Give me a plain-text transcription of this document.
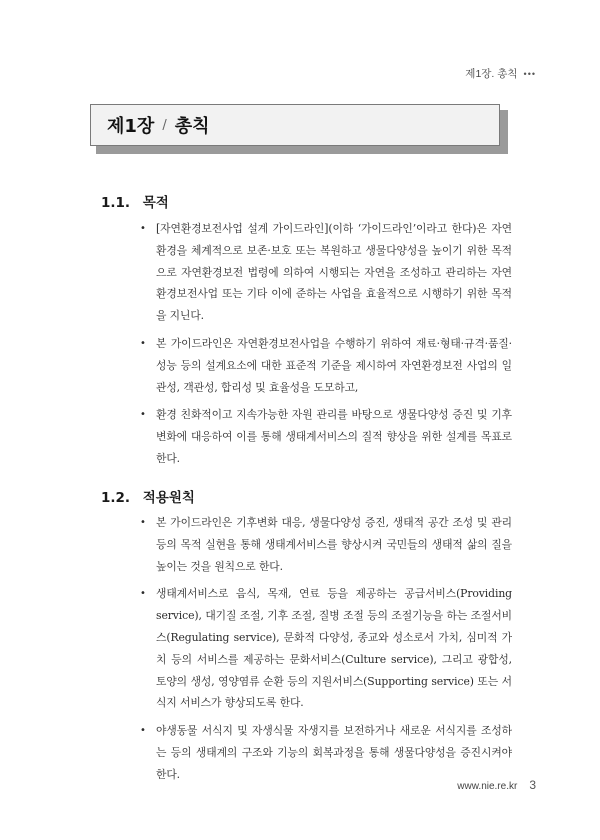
제1장. 총칙 •••
제1장 / 총칙
1.1. 목적
• [자연환경보전사업 설계 가이드라인](이하 ‘가이드라인’이라고 한다)은 자연환경을 체계적으로 보존·보호 또는 복원하고 생물다양성을 높이기 위한 목적으로 자연환경보전 법령에 의하여 시행되는 자연을 조성하고 관리하는 자연환경보전사업 또는 기타 이에 준하는 사업을 효율적으로 시행하기 위한 목적을 지닌다.
• 본 가이드라인은 자연환경보전사업을 수행하기 위하여 재료·형태·규격·품질·성능 등의 설계요소에 대한 표준적 기준을 제시하여 자연환경보전 사업의 일관성, 객관성, 합리성 및 효율성을 도모하고,
• 환경 친화적이고 지속가능한 자원 관리를 바탕으로 생물다양성 증진 및 기후변화에 대응하여 이를 통해 생태계서비스의 질적 향상을 위한 설계를 목표로 한다.
1.2. 적용원칙
• 본 가이드라인은 기후변화 대응, 생물다양성 증진, 생태적 공간 조성 및 관리 등의 목적 실현을 통해 생태계서비스를 향상시켜 국민들의 생태적 삶의 질을 높이는 것을 원칙으로 한다.
• 생태계서비스로 음식, 목재, 연료 등을 제공하는 공급서비스(Providing service), 대기질 조절, 기후 조절, 질병 조절 등의 조절기능을 하는 조절서비스(Regulating service), 문화적 다양성, 종교와 성소로서 가치, 심미적 가치 등의 서비스를 제공하는 문화서비스(Culture service), 그리고 광합성, 토양의 생성, 영양염류 순환 등의 지원서비스(Supporting service) 또는 서식지 서비스가 향상되도록 한다.
• 야생동물 서식지 및 자생식물 자생지를 보전하거나 새로운 서식지를 조성하는 등의 생태계의 구조와 기능의 회복과정을 통해 생물다양성을 증진시켜야 한다.
www.nie.re.kr 3
